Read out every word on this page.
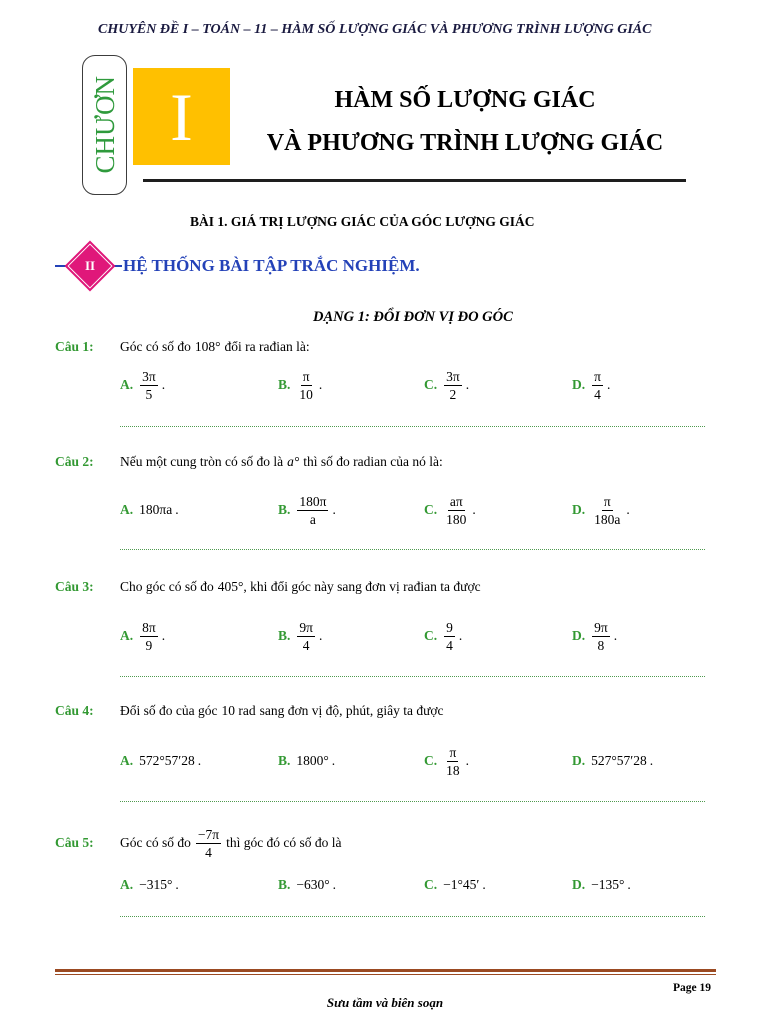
CHUYÊN ĐỀ I – TOÁN – 11 – HÀM SỐ LƯỢNG GIÁC VÀ PHƯƠNG TRÌNH LƯỢNG GIÁC
CHƯƠN I	HÀM SỐ LƯỢNG GIÁC
VÀ PHƯƠNG TRÌNH LƯỢNG GIÁC
BÀI 1. GIÁ TRỊ LƯỢNG GIÁC CỦA GÓC LƯỢNG GIÁC
II	HỆ THỐNG BÀI TẬP TRẮC NGHIỆM.
DẠNG 1: ĐỔI ĐƠN VỊ ĐO GÓC
Câu 1:	Góc có số đo 108° đổi ra rađian là:
A. $\frac{3\pi}{5}$ .	B. $\frac{\pi}{10}$ .	C. $\frac{3\pi}{2}$ .	D. $\frac{\pi}{4}$ .
Câu 2:	Nếu một cung tròn có số đo là a° thì số đo radian của nó là:
A. 180πa .	B. $\frac{180\pi}{a}$ .	C. $\frac{a\pi}{180}$ .	D. $\frac{\pi}{180a}$ .
Câu 3:	Cho góc có số đo 405° , khi đổi góc này sang đơn vị rađian ta được
A. $\frac{8\pi}{9}$ .	B. $\frac{9\pi}{4}$ .	C. $\frac{9}{4}$ .	D. $\frac{9\pi}{8}$ .
Câu 4:	Đổi số đo của góc 10 rad sang đơn vị độ, phút, giây ta được
A. 572°57′28 .	B. 1800° .	C. $\frac{\pi}{18}$ .	D. 527°57′28 .
Câu 5:	Góc có số đo $\frac{-7\pi}{4}$ thì góc đó có số đo là
A. −315° .	B. −630° .	C. −1°45′ .	D. −135° .
Page 19
Sưu tầm và biên soạn
